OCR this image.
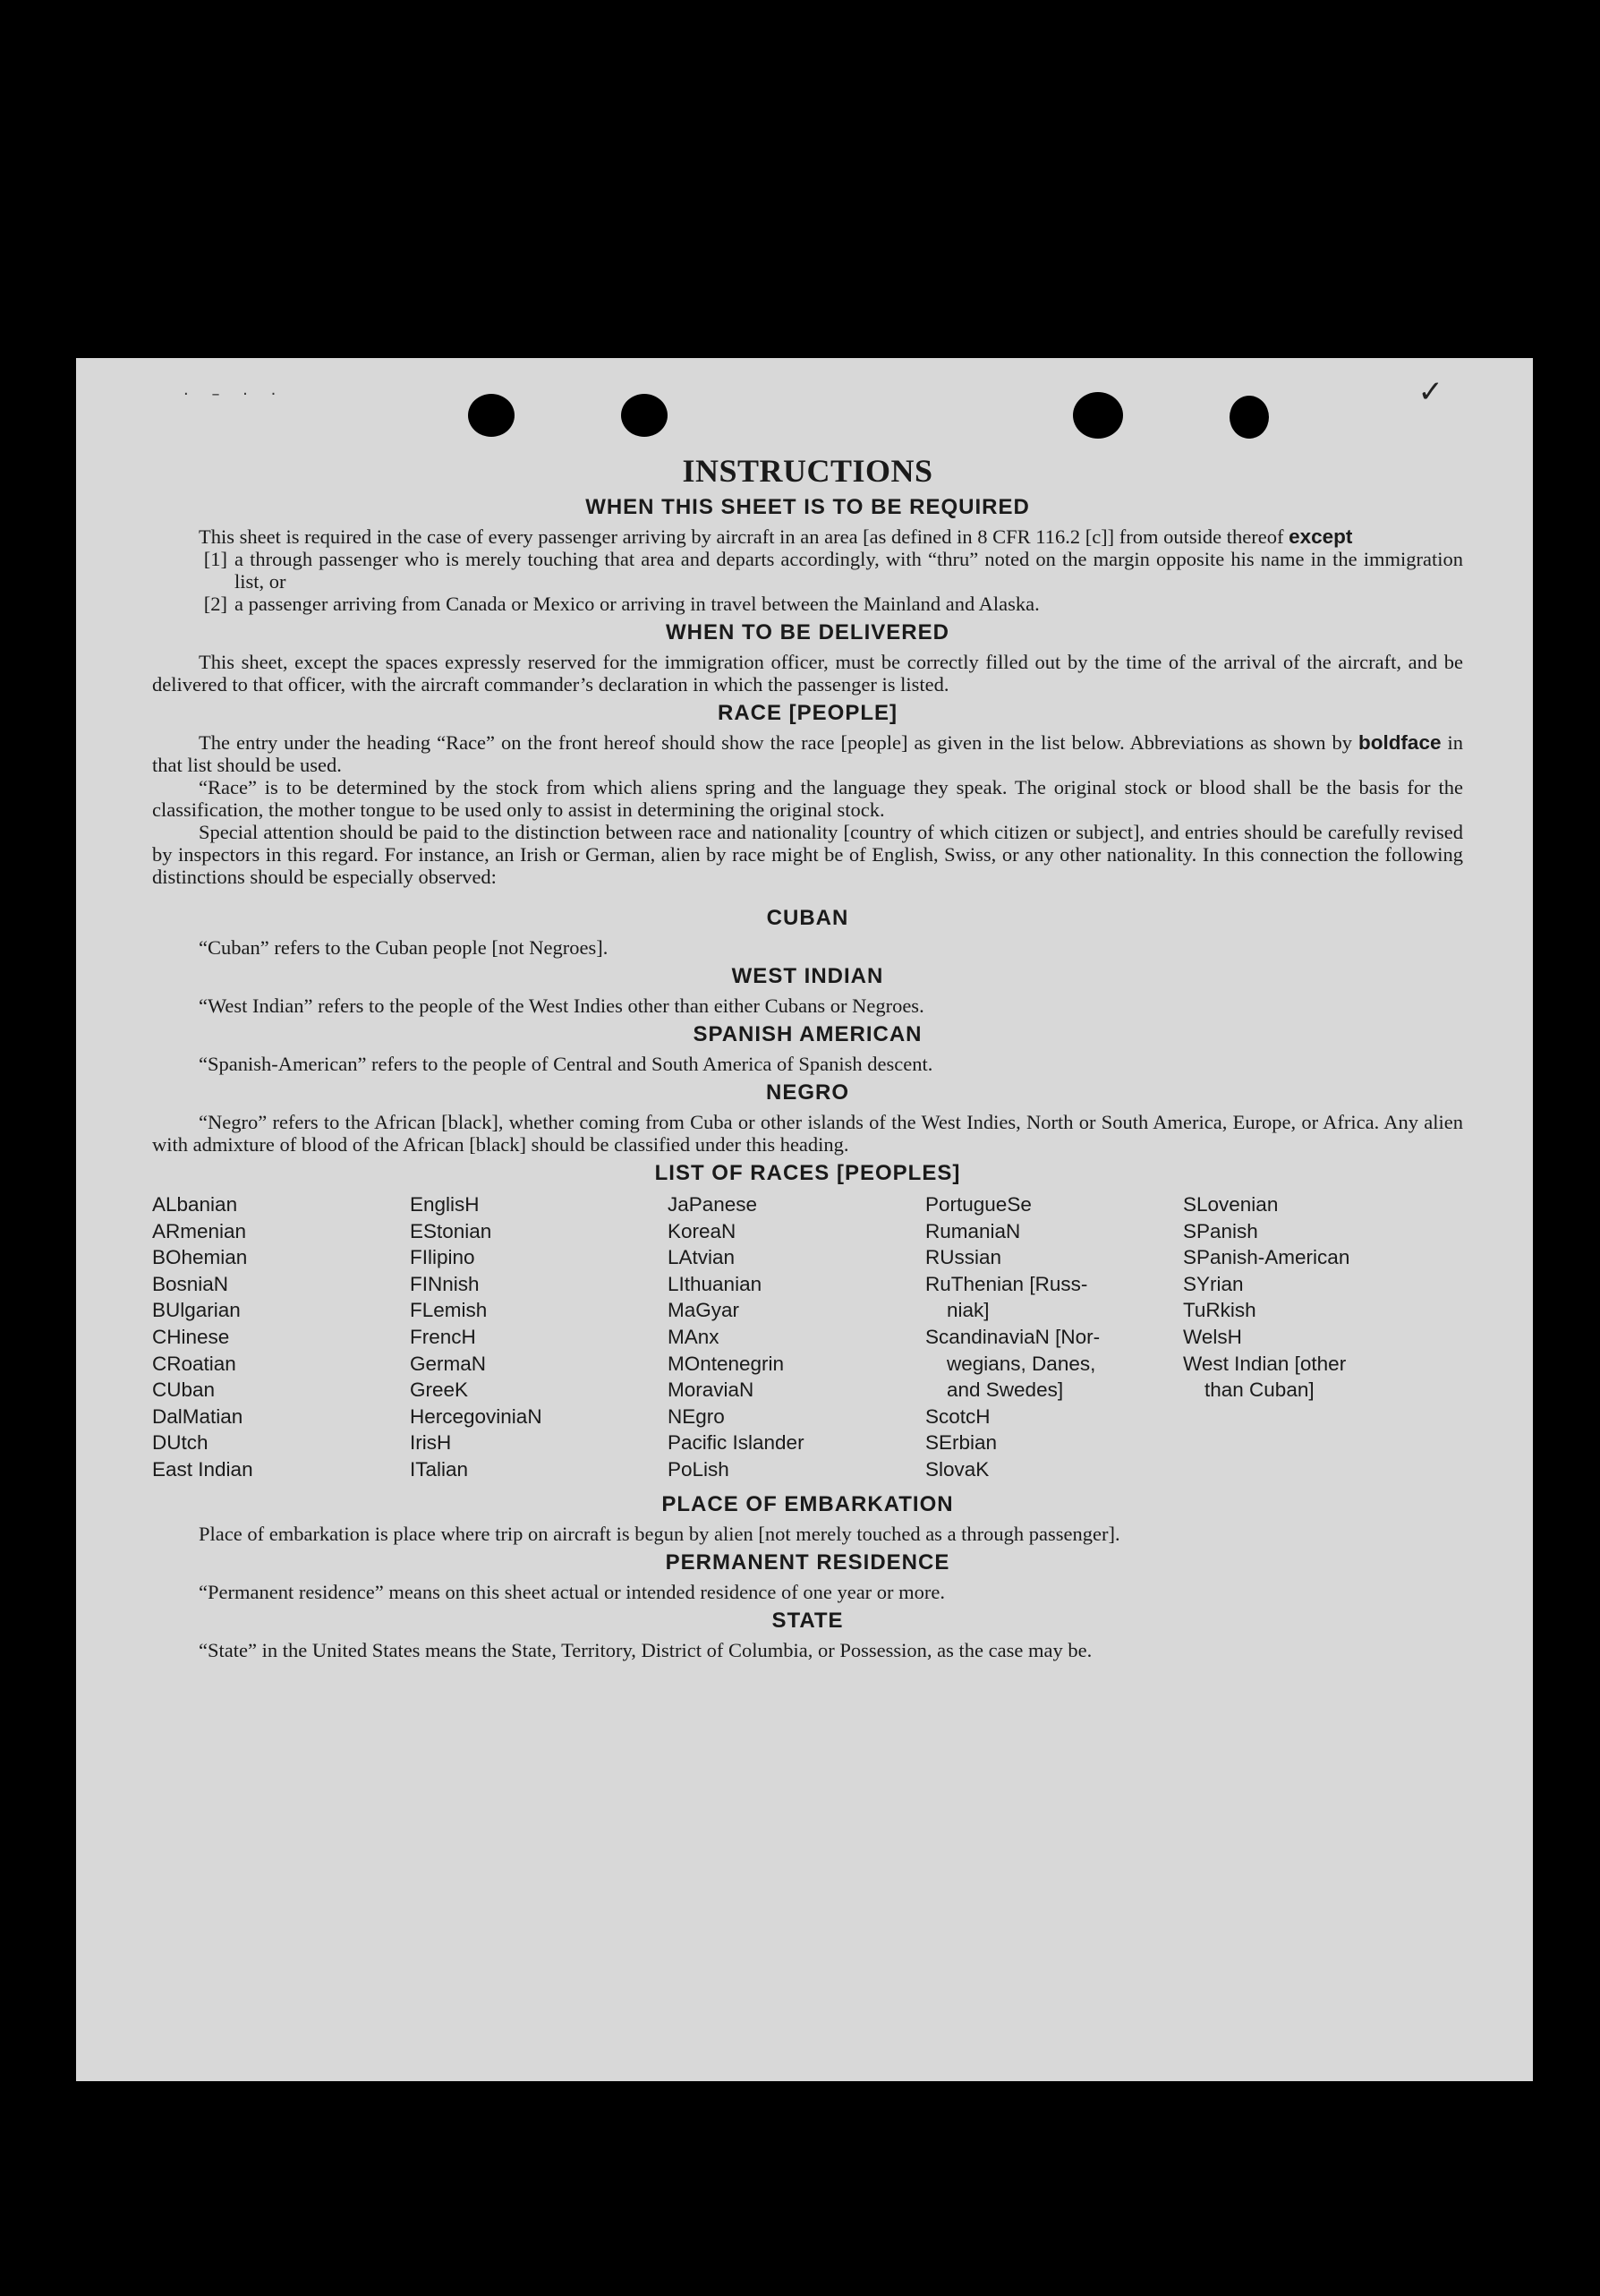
· – · ·	✓
INSTRUCTIONS
WHEN THIS SHEET IS TO BE REQUIRED

This sheet is required in the case of every passenger arriving by aircraft in an area [as defined in 8 CFR 116.2 [c]] from outside thereof except

[1] a through passenger who is merely touching that area and departs accordingly, with “thru” noted on the margin opposite his name in the immigration list, or
[2] a passenger arriving from Canada or Mexico or arriving in travel between the Mainland and Alaska.
WHEN TO BE DELIVERED

This sheet, except the spaces expressly reserved for the immigration officer, must be correctly filled out by the time of the arrival of the aircraft, and be delivered to that officer, with the aircraft commander’s declaration in which the passenger is listed.

RACE [PEOPLE]

The entry under the heading “Race” on the front hereof should show the race [people] as given in the list below. Abbreviations as shown by boldface in that list should be used.

“Race” is to be determined by the stock from which aliens spring and the language they speak. The original stock or blood shall be the basis for the classification, the mother tongue to be used only to assist in determining the original stock.

Special attention should be paid to the distinction between race and nationality [country of which citizen or subject], and entries should be carefully revised by inspectors in this regard. For instance, an Irish or German, alien by race might be of English, Swiss, or any other nationality. In this connection the following distinctions should be especially observed:

CUBAN

“Cuban” refers to the Cuban people [not Negroes].

WEST INDIAN

“West Indian” refers to the people of the West Indies other than either Cubans or Negroes.

SPANISH AMERICAN

“Spanish-American” refers to the people of Central and South America of Spanish descent.

NEGRO

“Negro” refers to the African [black], whether coming from Cuba or other islands of the West Indies, North or South America, Europe, or Africa. Any alien with admixture of blood of the African [black] should be classified under this heading.

LIST OF RACES [PEOPLES]
ALbanian
ARmenian
BOhemian
BosniaN
BUlgarian
CHinese
CRoatian
CUban
DalMatian
DUtch
East Indian
EnglisH
EStonian
FIlipino
FINnish
FLemish
FrencH
GermaN
GreeK
HercegoviniaN
IrisH
ITalian
JaPanese
KoreaN
LAtvian
LIthuanian
MaGyar
MAnx
MOntenegrin
MoraviaN
NEgro
Pacific Islander
PoLish
PortugueSe
RumaniaN
RUssian
RuThenian [Russ-
niak]
ScandinaviaN [Nor-
wegians, Danes,
and Swedes]
ScotcH
SErbian
SlovaK
SLovenian
SPanish
SPanish-American
SYrian
TuRkish
WelsH
West Indian [other
than Cuban]
PLACE OF EMBARKATION

Place of embarkation is place where trip on aircraft is begun by alien [not merely touched as a through passenger].

PERMANENT RESIDENCE

“Permanent residence” means on this sheet actual or intended residence of one year or more.

STATE

“State” in the United States means the State, Territory, District of Columbia, or Possession, as the case may be.
